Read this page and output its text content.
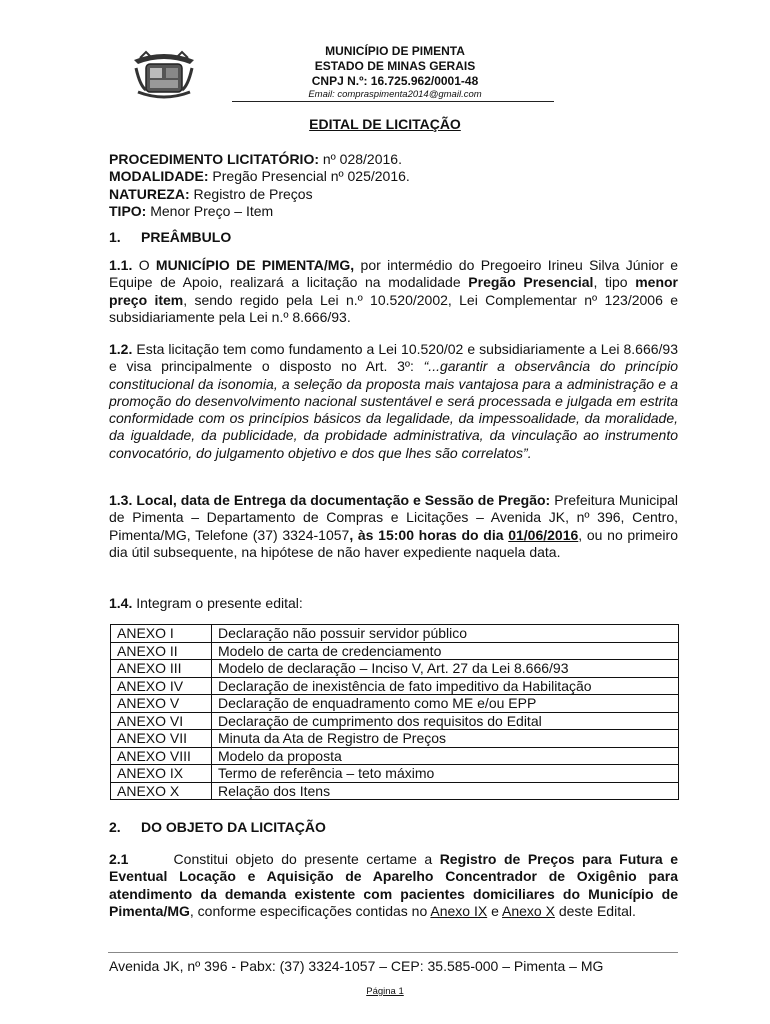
MUNICÍPIO DE PIMENTA
ESTADO DE MINAS GERAIS
CNPJ N.º: 16.725.962/0001-48
Email: compraspimenta2014@gmail.com
EDITAL DE LICITAÇÃO
PROCEDIMENTO LICITATÓRIO: nº 028/2016.
MODALIDADE: Pregão Presencial nº 025/2016.
NATUREZA: Registro de Preços
TIPO: Menor Preço – Item
1. PREÂMBULO
1.1. O MUNICÍPIO DE PIMENTA/MG, por intermédio do Pregoeiro Irineu Silva Júnior e Equipe de Apoio, realizará a licitação na modalidade Pregão Presencial, tipo menor preço item, sendo regido pela Lei n.º 10.520/2002, Lei Complementar nº 123/2006 e subsidiariamente pela Lei n.º 8.666/93.
1.2. Esta licitação tem como fundamento a Lei 10.520/02 e subsidiariamente a Lei 8.666/93 e visa principalmente o disposto no Art. 3º: “...garantir a observância do princípio constitucional da isonomia, a seleção da proposta mais vantajosa para a administração e a promoção do desenvolvimento nacional sustentável e será processada e julgada em estrita conformidade com os princípios básicos da legalidade, da impessoalidade, da moralidade, da igualdade, da publicidade, da probidade administrativa, da vinculação ao instrumento convocatório, do julgamento objetivo e dos que lhes são correlatos”.
1.3. Local, data de Entrega da documentação e Sessão de Pregão: Prefeitura Municipal de Pimenta – Departamento de Compras e Licitações – Avenida JK, nº 396, Centro, Pimenta/MG, Telefone (37) 3324-1057, às 15:00 horas do dia 01/06/2016, ou no primeiro dia útil subsequente, na hipótese de não haver expediente naquela data.
1.4. Integram o presente edital:
ANEXO I	Declaração não possuir servidor público
ANEXO II	Modelo de carta de credenciamento
ANEXO III	Modelo de declaração – Inciso V, Art. 27 da Lei 8.666/93
ANEXO IV	Declaração de inexistência de fato impeditivo da Habilitação
ANEXO V	Declaração de enquadramento como ME e/ou EPP
ANEXO VI	Declaração de cumprimento dos requisitos do Edital
ANEXO VII	Minuta da Ata de Registro de Preços
ANEXO VIII	Modelo da proposta
ANEXO IX	Termo de referência – teto máximo
ANEXO X	Relação dos Itens
2. DO OBJETO DA LICITAÇÃO
2.1      Constitui objeto do presente certame a Registro de Preços para Futura e Eventual Locação e Aquisição de Aparelho Concentrador de Oxigênio para atendimento da demanda existente com pacientes domiciliares do Município de Pimenta/MG, conforme especificações contidas no Anexo IX e Anexo X deste Edital.
Avenida JK, nº 396 - Pabx: (37) 3324-1057 – CEP: 35.585-000 – Pimenta – MG
Página 1
